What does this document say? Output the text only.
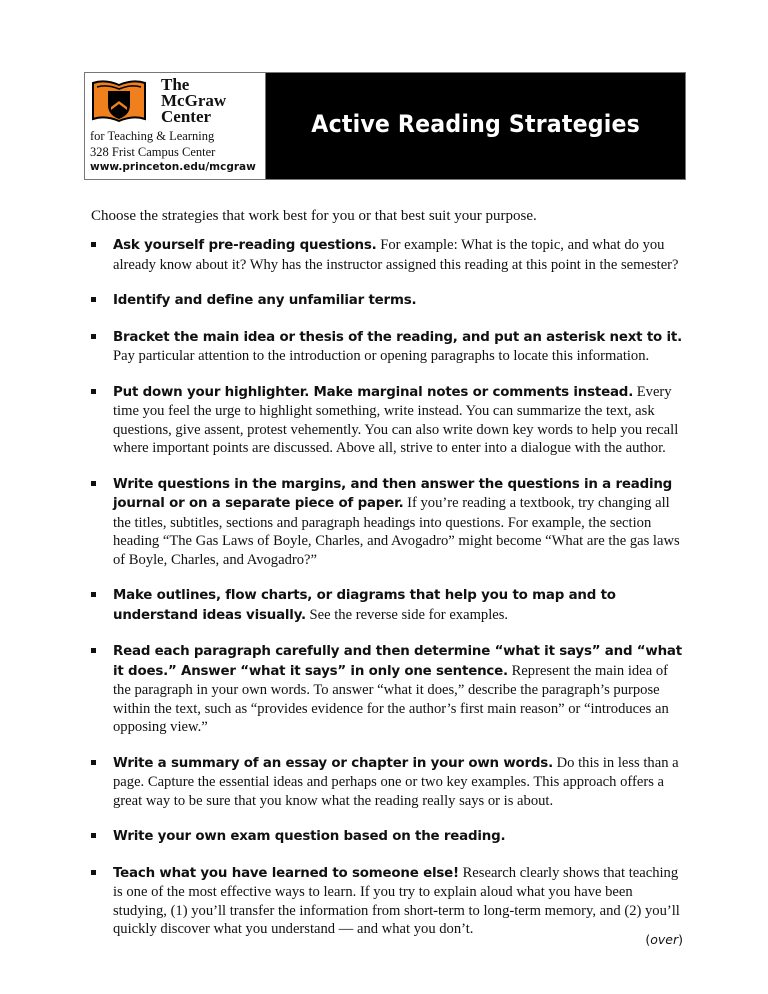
The
McGraw
Center
for Teaching & Learning
328 Frist Campus Center
www.princeton.edu/mcgraw
Active Reading Strategies
Choose the strategies that work best for you or that best suit your purpose.
Ask yourself pre-reading questions. For example: What is the topic, and what do you already know about it? Why has the instructor assigned this reading at this point in the semester?
Identify and define any unfamiliar terms.
Bracket the main idea or thesis of the reading, and put an asterisk next to it. Pay particular attention to the introduction or opening paragraphs to locate this information.
Put down your highlighter. Make marginal notes or comments instead. Every time you feel the urge to highlight something, write instead. You can summarize the text, ask questions, give assent, protest vehemently. You can also write down key words to help you recall where important points are discussed. Above all, strive to enter into a dialogue with the author.
Write questions in the margins, and then answer the questions in a reading journal or on a separate piece of paper. If you’re reading a textbook, try changing all the titles, subtitles, sections and paragraph headings into questions. For example, the section heading “The Gas Laws of Boyle, Charles, and Avogadro” might become “What are the gas laws of Boyle, Charles, and Avogadro?”
Make outlines, flow charts, or diagrams that help you to map and to understand ideas visually. See the reverse side for examples.
Read each paragraph carefully and then determine “what it says” and “what it does.” Answer “what it says” in only one sentence. Represent the main idea of the paragraph in your own words. To answer “what it does,” describe the paragraph’s purpose within the text, such as “provides evidence for the author’s first main reason” or “introduces an opposing view.”
Write a summary of an essay or chapter in your own words. Do this in less than a page. Capture the essential ideas and perhaps one or two key examples. This approach offers a great way to be sure that you know what the reading really says or is about.
Write your own exam question based on the reading.
Teach what you have learned to someone else! Research clearly shows that teaching is one of the most effective ways to learn. If you try to explain aloud what you have been studying, (1) you’ll transfer the information from short-term to long-term memory, and (2) you’ll quickly discover what you understand — and what you don’t.
(over)
